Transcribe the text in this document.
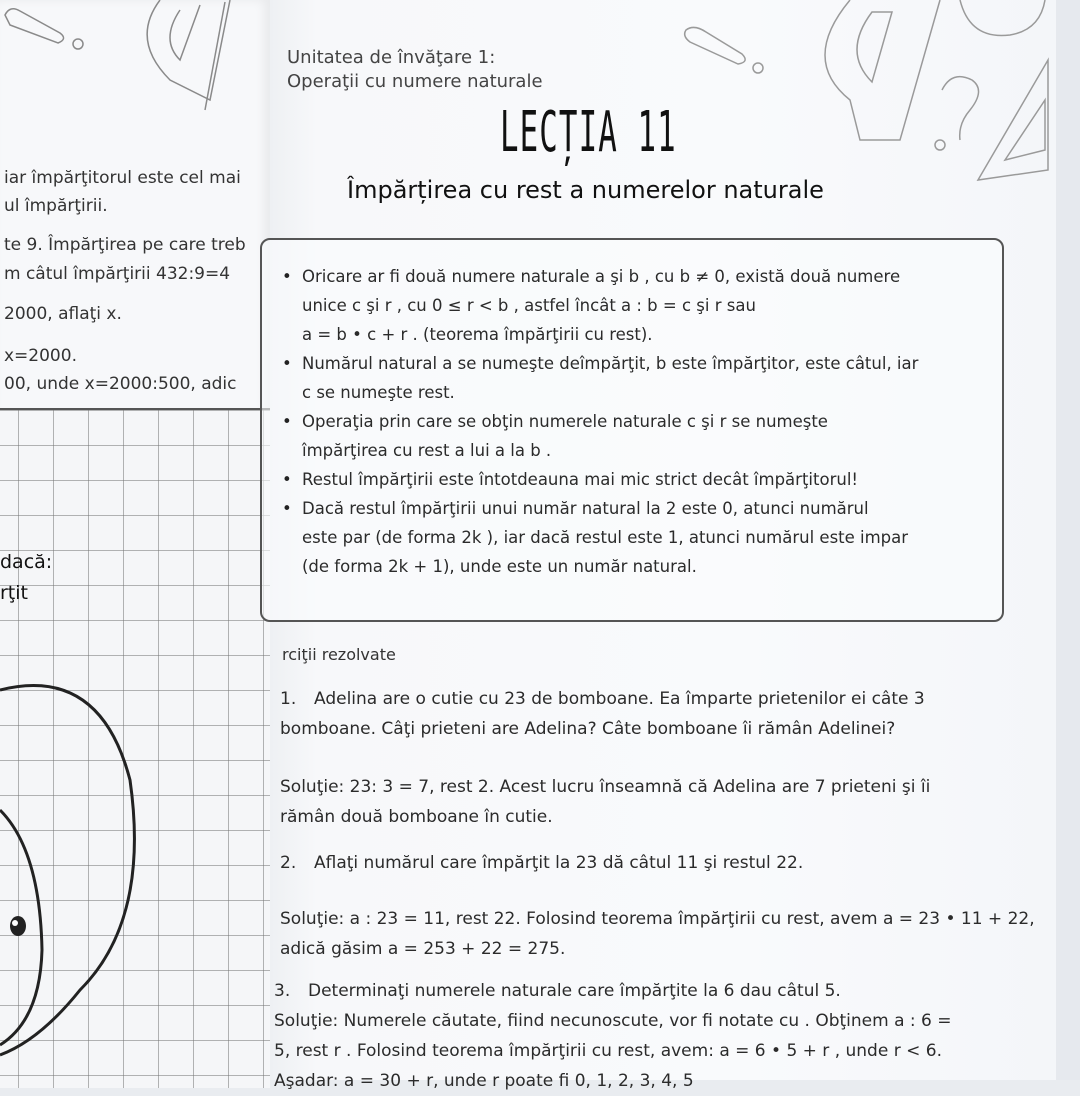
iar împărţitorul este cel mai
ul împărţirii.
te 9. Împărţirea pe care treb
m câtul împărţirii 432:9=4
2000, aflaţi x.
x=2000.
00, unde x=2000:500, adic
dacă:
rţit
Unitatea de învăţare 1:
Operaţii cu numere naturale
LECȚIA 11
Împărțirea cu rest a numerelor naturale
• Oricare ar fi două numere naturale a şi b , cu b ≠ 0, există două numere
unice c şi r , cu 0 ≤ r < b , astfel încât a : b = c şi r sau
a = b • c + r . (teorema împărţirii cu rest).
• Numărul natural a se numeşte deîmpărţit, b este împărţitor, este câtul, iar
c se numeşte rest.
• Operaţia prin care se obţin numerele naturale c şi r se numeşte
împărţirea cu rest a lui a la b .
• Restul împărţirii este întotdeauna mai mic strict decât împărţitorul!
• Dacă restul împărţirii unui număr natural la 2 este 0, atunci numărul
este par (de forma 2k ), iar dacă restul este 1, atunci numărul este impar
(de forma 2k + 1), unde este un număr natural.
rciţii rezolvate
1. Adelina are o cutie cu 23 de bomboane. Ea împarte prietenilor ei câte 3
bomboane. Câţi prieteni are Adelina? Câte bomboane îi rămân Adelinei?
Soluţie: 23: 3 = 7, rest 2. Acest lucru înseamnă că Adelina are 7 prieteni şi îi
rămân două bomboane în cutie.
2. Aflaţi numărul care împărţit la 23 dă câtul 11 şi restul 22.
Soluţie: a : 23 = 11, rest 22. Folosind teorema împărţirii cu rest, avem a = 23 • 11 + 22,
adică găsim a = 253 + 22 = 275.
3. Determinaţi numerele naturale care împărţite la 6 dau câtul 5.
Soluţie: Numerele căutate, fiind necunoscute, vor fi notate cu . Obţinem a : 6 =
5, rest r . Folosind teorema împărţirii cu rest, avem: a = 6 • 5 + r , unde r < 6.
Aşadar: a = 30 + r, unde r poate fi 0, 1, 2, 3, 4, 5
